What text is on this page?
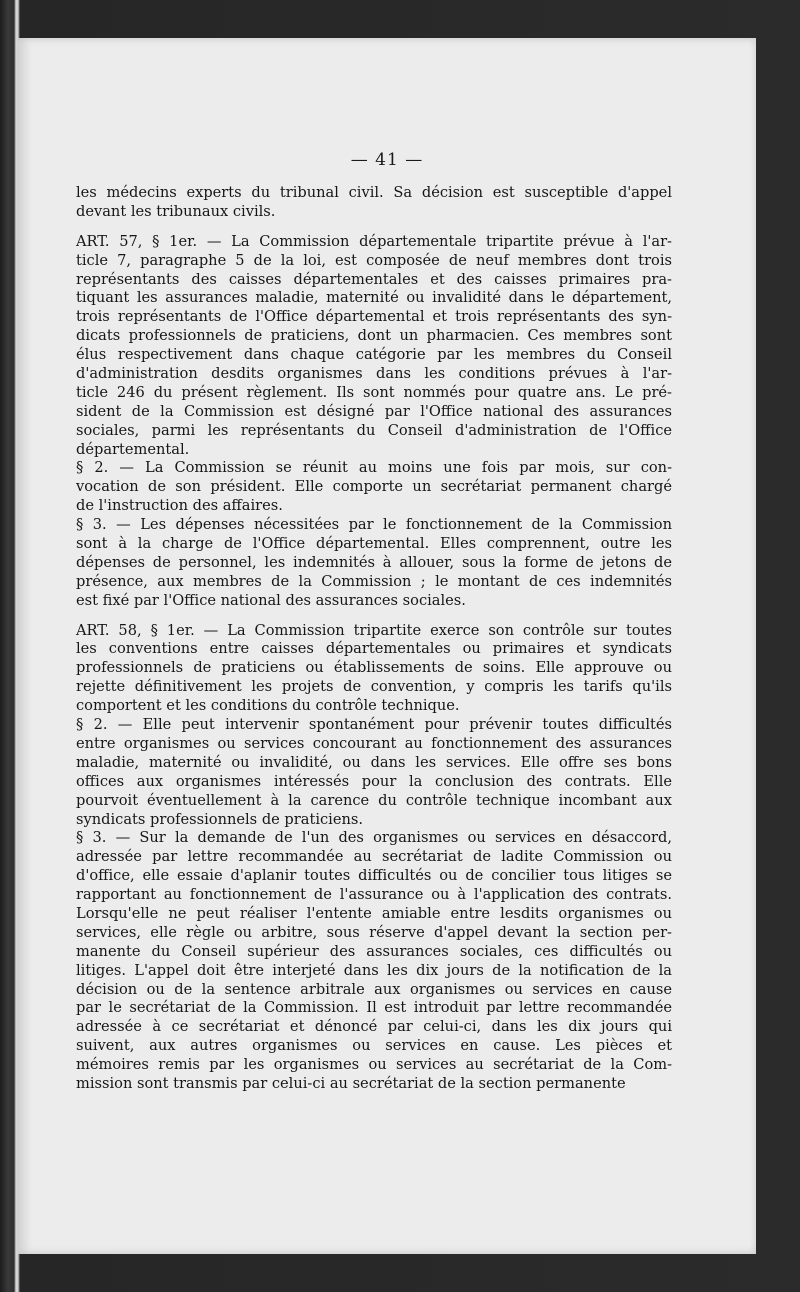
— 41 —
les médecins experts du tribunal civil. Sa décision est susceptible d'appel
devant les tribunaux civils.
ART. 57, § 1er. — La Commission départementale tripartite prévue à l'ar-
ticle 7, paragraphe 5 de la loi, est composée de neuf membres dont trois
représentants des caisses départementales et des caisses primaires pra-
tiquant les assurances maladie, maternité ou invalidité dans le département,
trois représentants de l'Office départemental et trois représentants des syn-
dicats professionnels de praticiens, dont un pharmacien. Ces membres sont
élus respectivement dans chaque catégorie par les membres du Conseil
d'administration desdits organismes dans les conditions prévues à l'ar-
ticle 246 du présent règlement. Ils sont nommés pour quatre ans. Le pré-
sident de la Commission est désigné par l'Office national des assurances
sociales, parmi les représentants du Conseil d'administration de l'Office
départemental.
§ 2. — La Commission se réunit au moins une fois par mois, sur con-
vocation de son président. Elle comporte un secrétariat permanent chargé
de l'instruction des affaires.
§ 3. — Les dépenses nécessitées par le fonctionnement de la Commission
sont à la charge de l'Office départemental. Elles comprennent, outre les
dépenses de personnel, les indemnités à allouer, sous la forme de jetons de
présence, aux membres de la Commission ; le montant de ces indemnités
est fixé par l'Office national des assurances sociales.
ART. 58, § 1er. — La Commission tripartite exerce son contrôle sur toutes
les conventions entre caisses départementales ou primaires et syndicats
professionnels de praticiens ou établissements de soins. Elle approuve ou
rejette définitivement les projets de convention, y compris les tarifs qu'ils
comportent et les conditions du contrôle technique.
§ 2. — Elle peut intervenir spontanément pour prévenir toutes difficultés
entre organismes ou services concourant au fonctionnement des assurances
maladie, maternité ou invalidité, ou dans les services. Elle offre ses bons
offices aux organismes intéressés pour la conclusion des contrats. Elle
pourvoit éventuellement à la carence du contrôle technique incombant aux
syndicats professionnels de praticiens.
§ 3. — Sur la demande de l'un des organismes ou services en désaccord,
adressée par lettre recommandée au secrétariat de ladite Commission ou
d'office, elle essaie d'aplanir toutes difficultés ou de concilier tous litiges se
rapportant au fonctionnement de l'assurance ou à l'application des contrats.
Lorsqu'elle ne peut réaliser l'entente amiable entre lesdits organismes ou
services, elle règle ou arbitre, sous réserve d'appel devant la section per-
manente du Conseil supérieur des assurances sociales, ces difficultés ou
litiges. L'appel doit être interjeté dans les dix jours de la notification de la
décision ou de la sentence arbitrale aux organismes ou services en cause
par le secrétariat de la Commission. Il est introduit par lettre recommandée
adressée à ce secrétariat et dénoncé par celui-ci, dans les dix jours qui
suivent, aux autres organismes ou services en cause. Les pièces et
mémoires remis par les organismes ou services au secrétariat de la Com-
mission sont transmis par celui-ci au secrétariat de la section permanente
